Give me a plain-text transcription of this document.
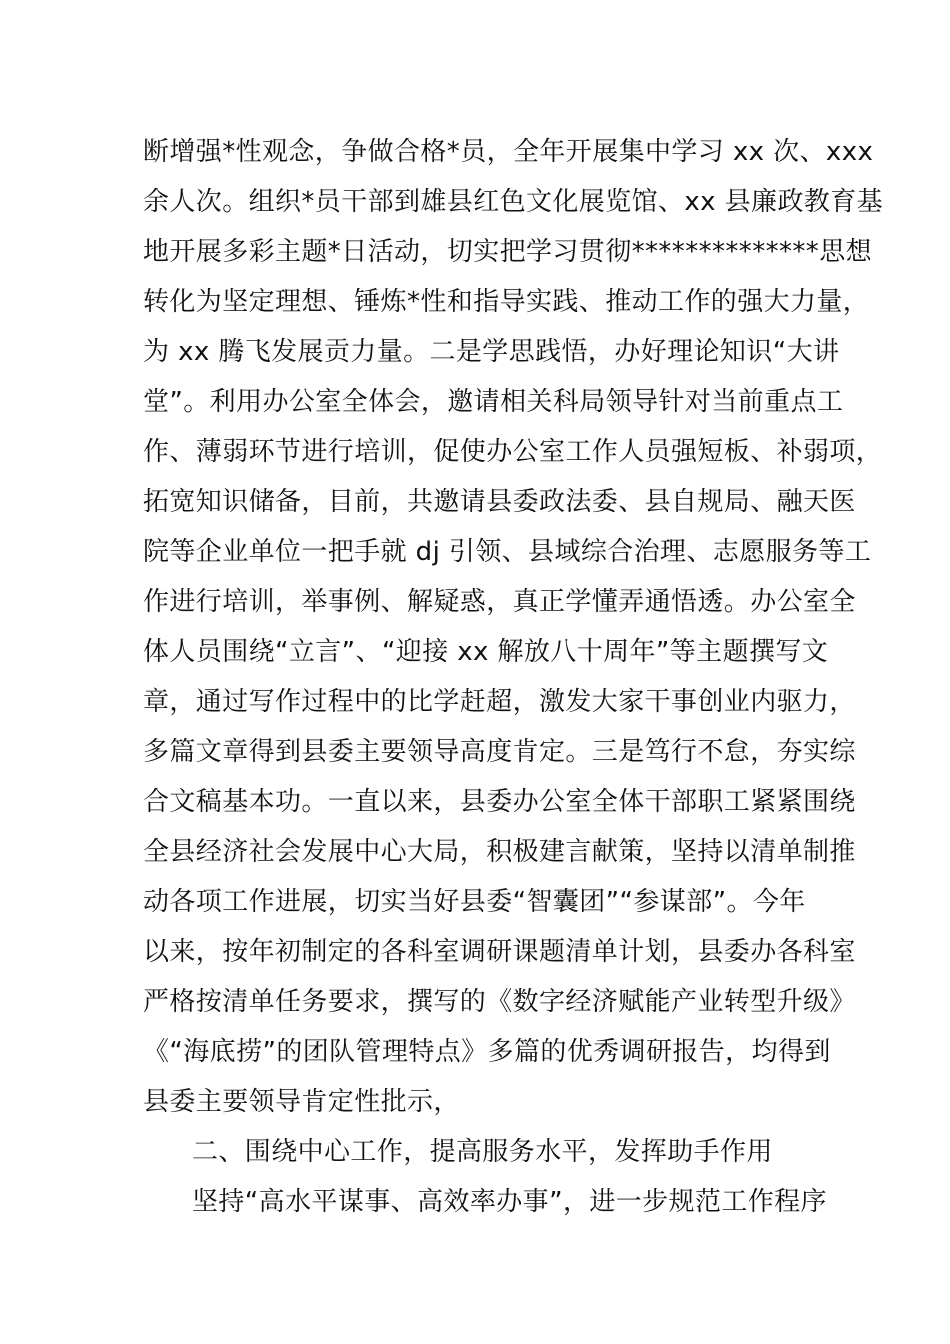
断增强*性观念，争做合格*员，全年开展集中学习 xx 次、xxx
余人次。组织*员干部到雄县红色文化展览馆、xx 县廉政教育基
地开展多彩主题*日活动，切实把学习贯彻**************思想
转化为坚定理想、锤炼*性和指导实践、推动工作的强大力量，
为 xx 腾飞发展贡力量。二是学思践悟，办好理论知识“大讲
堂”。利用办公室全体会，邀请相关科局领导针对当前重点工
作、薄弱环节进行培训，促使办公室工作人员强短板、补弱项，
拓宽知识储备，目前，共邀请县委政法委、县自规局、融天医
院等企业单位一把手就 dj 引领、县域综合治理、志愿服务等工
作进行培训，举事例、解疑惑，真正学懂弄通悟透。办公室全
体人员围绕“立言”、“迎接 xx 解放八十周年”等主题撰写文
章，通过写作过程中的比学赶超，激发大家干事创业内驱力，
多篇文章得到县委主要领导高度肯定。三是笃行不怠，夯实综
合文稿基本功。一直以来，县委办公室全体干部职工紧紧围绕
全县经济社会发展中心大局，积极建言献策，坚持以清单制推
动各项工作进展，切实当好县委“智囊团”“参谋部”。今年
以来，按年初制定的各科室调研课题清单计划，县委办各科室
严格按清单任务要求，撰写的《数字经济赋能产业转型升级》
《“海底捞”的团队管理特点》多篇的优秀调研报告，均得到
县委主要领导肯定性批示，
二、围绕中心工作，提高服务水平，发挥助手作用
坚持“高水平谋事、高效率办事”，进一步规范工作程序
